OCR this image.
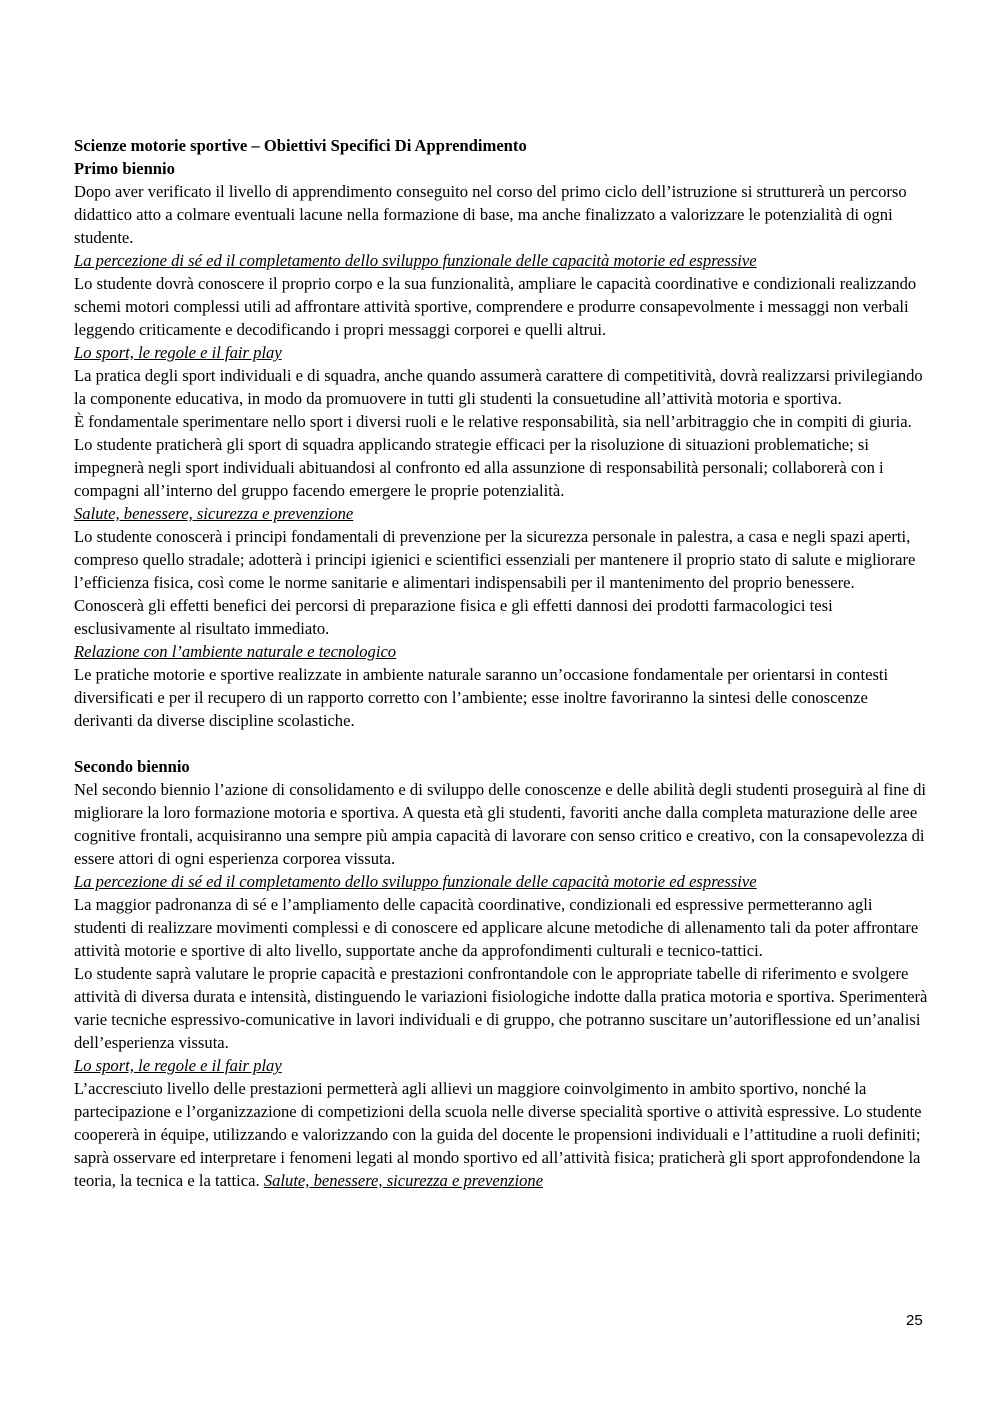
Scienze motorie sportive – Obiettivi Specifici Di Apprendimento

Primo biennio

Dopo aver verificato il livello di apprendimento conseguito nel corso del primo ciclo dell’istruzione si strutturerà un percorso didattico atto a colmare eventuali lacune nella formazione di base, ma anche finalizzato a valorizzare le potenzialità di ogni studente.

La percezione di sé ed il completamento dello sviluppo funzionale delle capacità motorie ed espressive

Lo studente dovrà conoscere il proprio corpo e la sua funzionalità, ampliare le capacità coordinative e condizionali realizzando schemi motori complessi utili ad affrontare attività sportive, comprendere e produrre consapevolmente i messaggi non verbali leggendo criticamente e decodificando i propri messaggi corporei e quelli altrui.

Lo sport, le regole e il fair play

La pratica degli sport individuali e di squadra, anche quando assumerà carattere di competitività, dovrà realizzarsi privilegiando la componente educativa, in modo da promuovere in tutti gli studenti la consuetudine all’attività motoria e sportiva.

È fondamentale sperimentare nello sport i diversi ruoli e le relative responsabilità, sia nell’arbitraggio che in compiti di giuria. Lo studente praticherà gli sport di squadra applicando strategie efficaci per la risoluzione di situazioni problematiche; si impegnerà negli sport individuali abituandosi al confronto ed alla assunzione di responsabilità personali; collaborerà con i compagni all’interno del gruppo facendo emergere le proprie potenzialità.

Salute, benessere, sicurezza e prevenzione

Lo studente conoscerà i principi fondamentali di prevenzione per la sicurezza personale in palestra, a casa e negli spazi aperti, compreso quello stradale; adotterà i principi igienici e scientifici essenziali per mantenere il proprio stato di salute e migliorare l’efficienza fisica, così come le norme sanitarie e alimentari indispensabili per il mantenimento del proprio benessere.

Conoscerà gli effetti benefici dei percorsi di preparazione fisica e gli effetti dannosi dei prodotti farmacologici tesi esclusivamente al risultato immediato.

Relazione con l’ambiente naturale e tecnologico

Le pratiche motorie e sportive realizzate in ambiente naturale saranno un’occasione fondamentale per orientarsi in contesti diversificati e per il recupero di un rapporto corretto con l’ambiente; esse inoltre favoriranno la sintesi delle conoscenze derivanti da diverse discipline scolastiche.

Secondo biennio

Nel secondo biennio l’azione di consolidamento e di sviluppo delle conoscenze e delle abilità degli studenti proseguirà al fine di migliorare la loro formazione motoria e sportiva. A questa età gli studenti, favoriti anche dalla completa maturazione delle aree cognitive frontali, acquisiranno una sempre più ampia capacità di lavorare con senso critico e creativo, con la consapevolezza di essere attori di ogni esperienza corporea vissuta.

La percezione di sé ed il completamento dello sviluppo funzionale delle capacità motorie ed espressive

La maggior padronanza di sé e l’ampliamento delle capacità coordinative, condizionali ed espressive permetteranno agli studenti di realizzare movimenti complessi e di conoscere ed applicare alcune metodiche di allenamento tali da poter affrontare attività motorie e sportive di alto livello, supportate anche da approfondimenti culturali e tecnico-tattici.

Lo studente saprà valutare le proprie capacità e prestazioni confrontandole con le appropriate tabelle di riferimento e svolgere attività di diversa durata e intensità, distinguendo le variazioni fisiologiche indotte dalla pratica motoria e sportiva. Sperimenterà varie tecniche espressivo-comunicative in lavori individuali e di gruppo, che potranno suscitare un’autoriflessione ed un’analisi dell’esperienza vissuta.

Lo sport, le regole e il fair play

L’accresciuto livello delle prestazioni permetterà agli allievi un maggiore coinvolgimento in ambito sportivo, nonché la partecipazione e l’organizzazione di competizioni della scuola nelle diverse specialità sportive o attività espressive. Lo studente coopererà in équipe, utilizzando e valorizzando con la guida del docente le propensioni individuali e l’attitudine a ruoli definiti; saprà osservare ed interpretare i fenomeni legati al mondo sportivo ed all’attività fisica; praticherà gli sport approfondendone la teoria, la tecnica e la tattica. Salute, benessere, sicurezza e prevenzione

25
